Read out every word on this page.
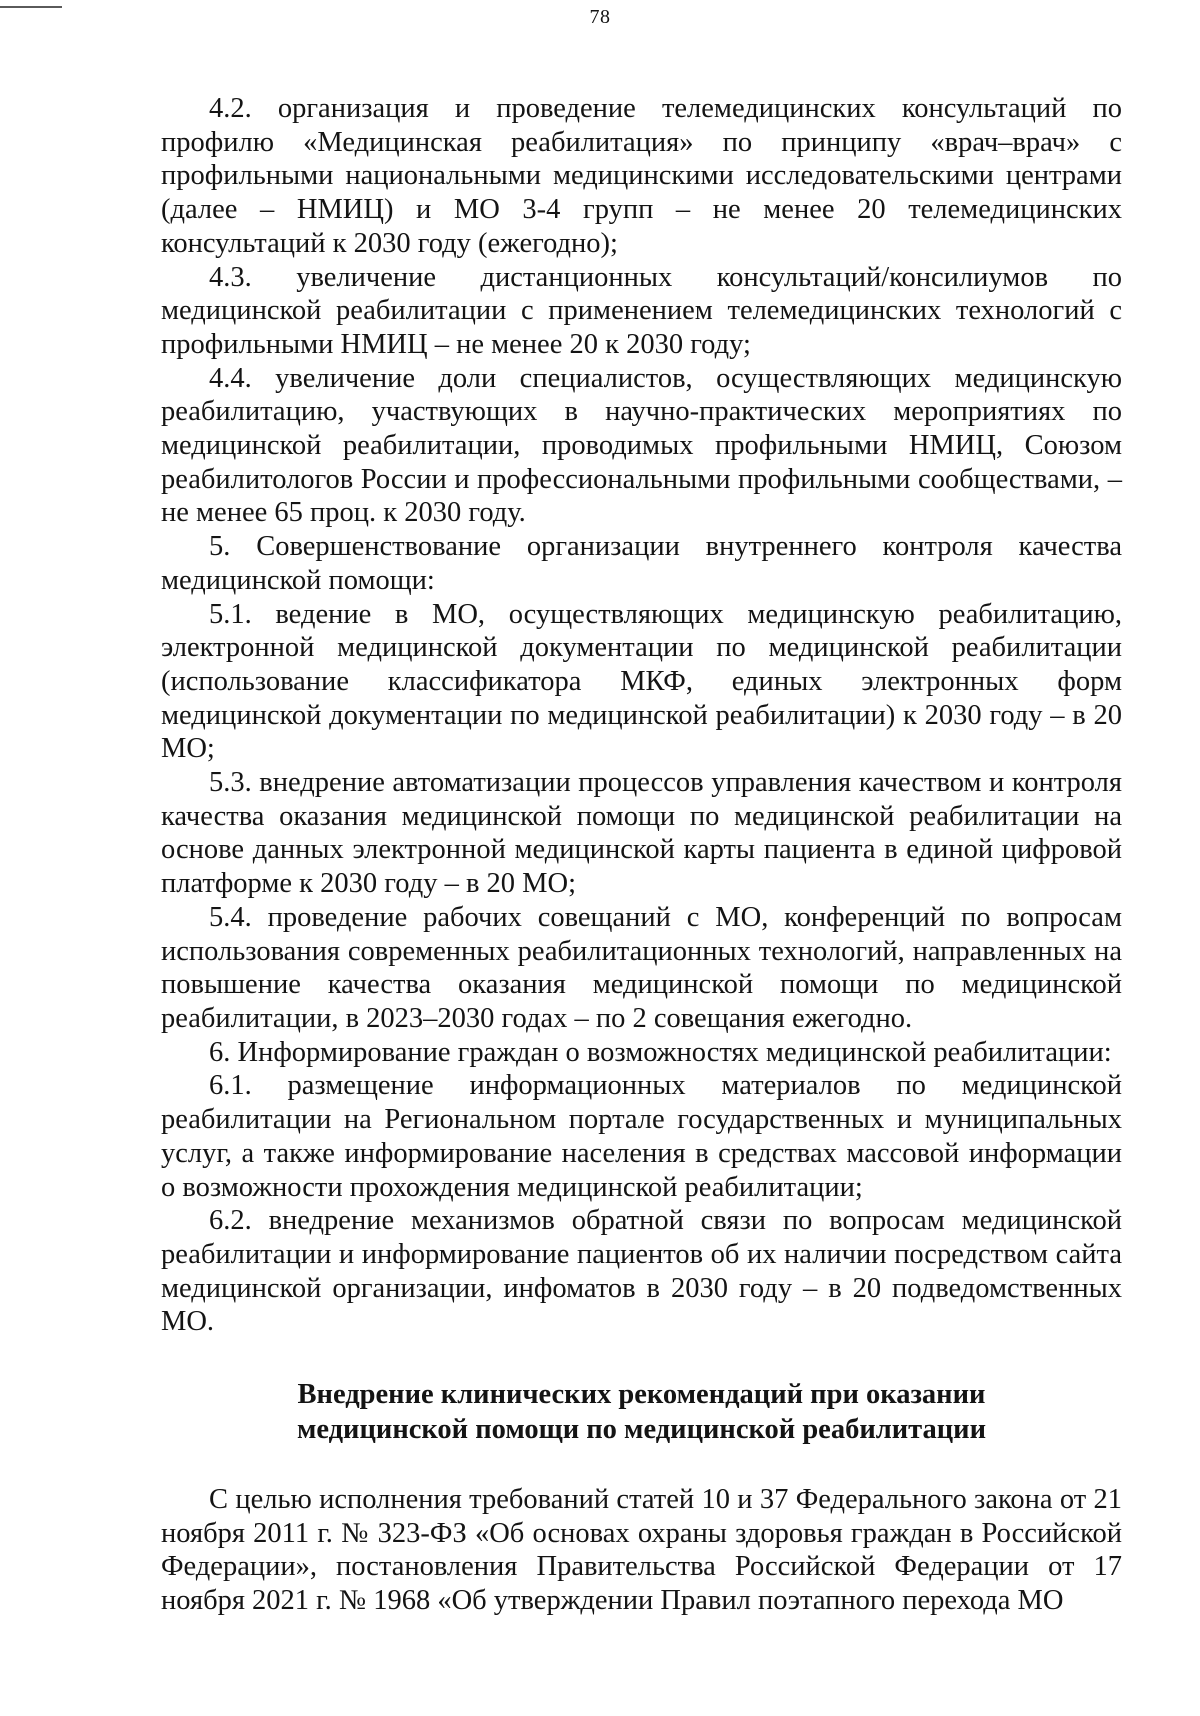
78

4.2. организация и проведение телемедицинских консультаций по профилю «Медицинская реабилитация» по принципу «врач–врач» с профильными национальными медицинскими исследовательскими центрами (далее – НМИЦ) и МО 3-4 групп – не менее 20 телемедицинских консультаций к 2030 году (ежегодно);

4.3. увеличение дистанционных консультаций/консилиумов по медицинской реабилитации с применением телемедицинских технологий с профильными НМИЦ – не менее 20 к 2030 году;

4.4. увеличение доли специалистов, осуществляющих медицинскую реабилитацию, участвующих в научно-практических мероприятиях по медицинской реабилитации, проводимых профильными НМИЦ, Союзом реабилитологов России и профессиональными профильными сообществами, – не менее 65 проц. к 2030 году.

5. Совершенствование организации внутреннего контроля качества медицинской помощи:

5.1. ведение в МО, осуществляющих медицинскую реабилитацию, электронной медицинской документации по медицинской реабилитации (использование классификатора МКФ, единых электронных форм медицинской документации по медицинской реабилитации) к 2030 году – в 20 МО;

5.3. внедрение автоматизации процессов управления качеством и контроля качества оказания медицинской помощи по медицинской реабилитации на основе данных электронной медицинской карты пациента в единой цифровой платформе к 2030 году – в 20 МО;

5.4. проведение рабочих совещаний с МО, конференций по вопросам использования современных реабилитационных технологий, направленных на повышение качества оказания медицинской помощи по медицинской реабилитации, в 2023–2030 годах – по 2 совещания ежегодно.

6. Информирование граждан о возможностях медицинской реабилитации:

6.1. размещение информационных материалов по медицинской реабилитации на Региональном портале государственных и муниципальных услуг, а также информирование населения в средствах массовой информации о возможности прохождения медицинской реабилитации;

6.2. внедрение механизмов обратной связи по вопросам медицинской реабилитации и информирование пациентов об их наличии посредством сайта медицинской организации, инфоматов в 2030 году – в 20 подведомственных МО.

Внедрение клинических рекомендаций при оказании
медицинской помощи по медицинской реабилитации

С целью исполнения требований статей 10 и 37 Федерального закона от 21 ноября 2011 г. № 323-ФЗ «Об основах охраны здоровья граждан в Российской Федерации», постановления Правительства Российской Федерации от 17 ноября 2021 г. № 1968 «Об утверждении Правил поэтапного перехода МО
